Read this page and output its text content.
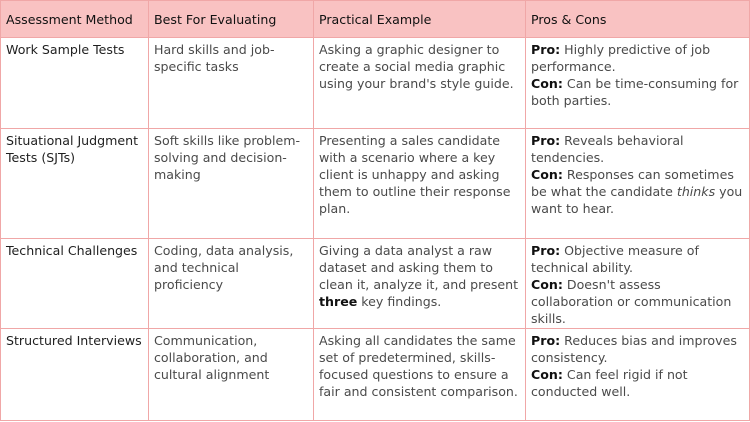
Assessment Method	Best For Evaluating	Practical Example	Pros & Cons
Work Sample Tests	Hard skills and job-specific tasks	Asking a graphic designer to create a social media graphic using your brand's style guide.	Pro: Highly predictive of job performance.
Con: Can be time-consuming for both parties.

Situational Judgment Tests (SJTs)	Soft skills like problem-solving and decision-making	Presenting a sales candidate with a scenario where a key client is unhappy and asking them to outline their response plan.	Pro: Reveals behavioral tendencies.
Con: Responses can sometimes be what the candidate thinks you want to hear.

Technical Challenges	Coding, data analysis, and technical proficiency	Giving a data analyst a raw dataset and asking them to clean it, analyze it, and present three key findings.	Pro: Objective measure of technical ability.
Con: Doesn't assess collaboration or communication skills.

Structured Interviews	Communication, collaboration, and cultural alignment	Asking all candidates the same set of predetermined, skills-focused questions to ensure a fair and consistent comparison.	Pro: Reduces bias and improves consistency.
Con: Can feel rigid if not conducted well.
